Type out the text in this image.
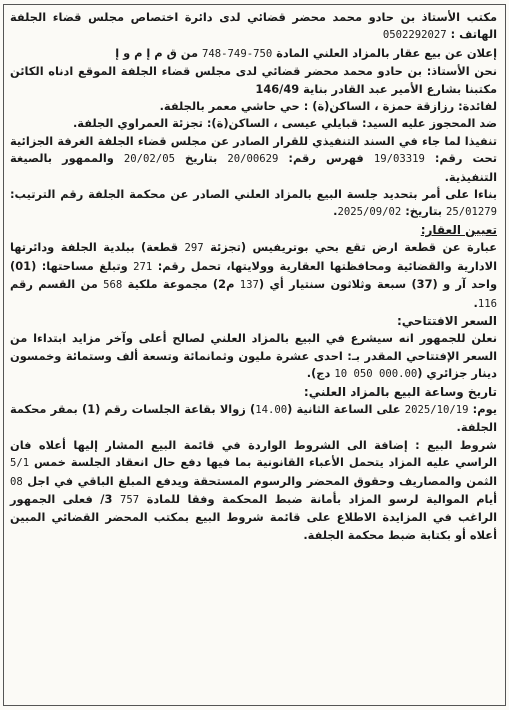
مكتب الأستاذ بن حادو محمد محضر قضائي لدى دائرة اختصاص مجلس قضاء الجلفة الهاتف : 0502292027

إعلان عن بيع عقار بالمزاد العلني المادة 748-749-750 من ق م إ م و إ

نحن الأستاذ: بن حادو محمد محضر قضائي لدى مجلس قضاء الجلفة الموقع ادناه الكائن مكتبنا بشارع الأمير عبد القادر بناية 146/49

لفائدة: رزازقة حمزة ، الساكن(ة) : حي حاشي معمر بالجلفة.

ضد المحجوز عليه السيد: قبايلي عيسى ، الساكن(ة): تجزئة العمراوي الجلفة.

تنفيذا لما جاء في السند التنفيذي للقرار الصادر عن مجلس قضاء الجلفة الغرفة الجزائية تحت رقم: 19/03319 فهرس رقم: 20/00629 بتاريخ 20/02/05 والممهور بالصيغة التنفيذية.

بناءا على أمر بتحديد جلسة البيع بالمزاد العلني الصادر عن محكمة الجلفة رقم الترتيب: 25/01279 بتاريخ: 2025/09/02.

تعيين العقار:

عبارة عن قطعة ارض تقع بحي بوتريفيس (تجزئة 297 قطعة) ببلدية الجلفة ودائرتها الادارية والقضائية ومحافظتها العقارية وولايتها، تحمل رقم: 271 وتبلغ مساحتها: (01) واحد آر و (37) سبعة وثلاثون سنتيار أي (137 م2) مجموعة ملكية 568 من القسم رقم 116.

السعر الافتتاحي:

نعلن للجمهور انه سيشرع في البيع بالمزاد العلني لصالح أعلى وآخر مزايد ابتداءا من السعر الإفتتاحي المقدر بـ: احدى عشرة مليون وثمانمائة وتسعة ألف وستمائة وخمسون دينار جزائري (10 050 000.00 دج).

تاريخ وساعة البيع بالمزاد العلني:

يوم: 2025/10/19 على الساعة الثانية (14.00) زوالا بقاعة الجلسات رقم (1) بمقر محكمة الجلفة.

شروط البيع : إضافة الى الشروط الواردة في قائمة البيع المشار إليها أعلاه فان الراسي عليه المزاد يتحمل الأعباء القانونية بما فيها دفع حال انعقاد الجلسة خمس 5/1 الثمن والمصاريف وحقوق المحضر والرسوم المستحقة ويدفع المبلغ الباقي في اجل 08 أيام الموالية لرسو المزاد بأمانة ضبط المحكمة وفقا للمادة 757 3/ فعلى الجمهور الراغب في المزايدة الاطلاع على قائمة شروط البيع بمكتب المحضر القضائي المبين أعلاه أو بكتابة ضبط محكمة الجلفة.
